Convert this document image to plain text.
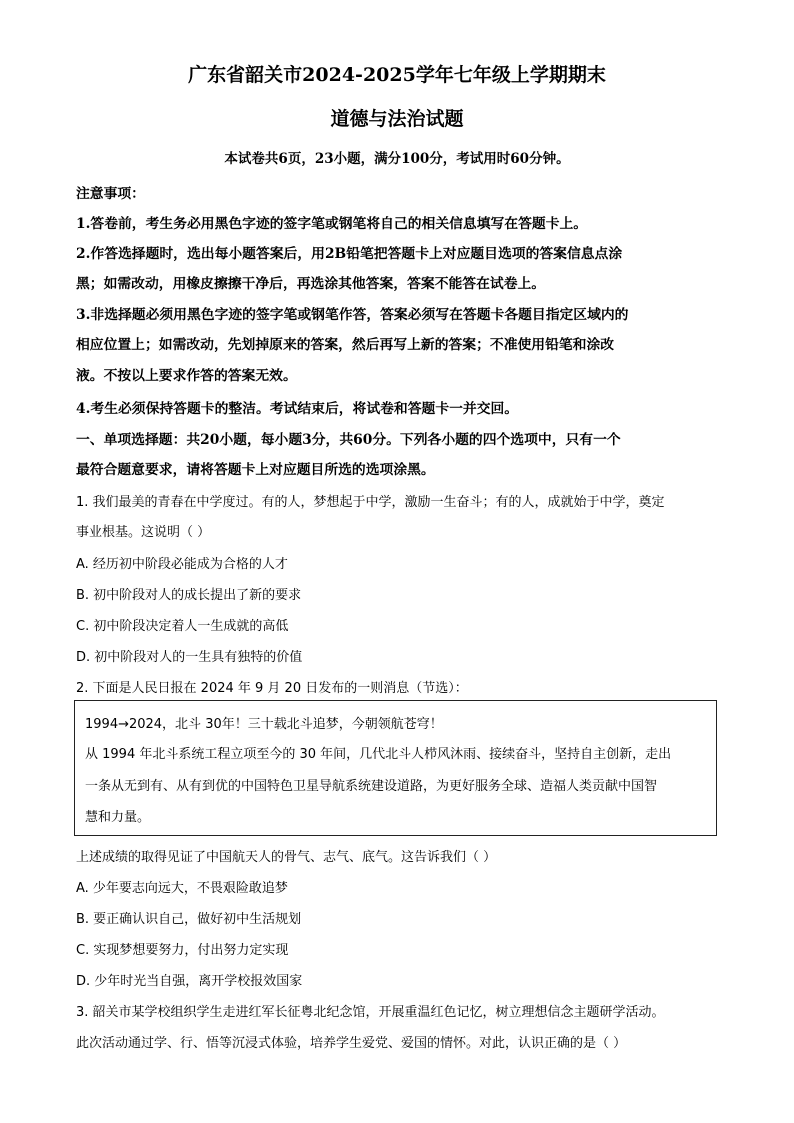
广东省韶关市2024-2025学年七年级上学期期末
道德与法治试题
本试卷共6页，23小题，满分100分，考试用时60分钟。
注意事项：
1.答卷前，考生务必用黑色字迹的签字笔或钢笔将自己的相关信息填写在答题卡上。
2.作答选择题时，选出每小题答案后，用2B铅笔把答题卡上对应题目选项的答案信息点涂
黑；如需改动，用橡皮擦擦干净后，再选涂其他答案，答案不能答在试卷上。
3.非选择题必须用黑色字迹的签字笔或钢笔作答，答案必须写在答题卡各题目指定区域内的
相应位置上；如需改动，先划掉原来的答案，然后再写上新的答案；不准使用铅笔和涂改
液。不按以上要求作答的答案无效。
4.考生必须保持答题卡的整洁。考试结束后，将试卷和答题卡一并交回。
一、单项选择题：共20小题，每小题3分，共60分。下列各小题的四个选项中，只有一个
最符合题意要求，请将答题卡上对应题目所选的选项涂黑。
1. 我们最美的青春在中学度过。有的人，梦想起于中学，激励一生奋斗；有的人，成就始于中学，奠定
事业根基。这说明（ ）
A. 经历初中阶段必能成为合格的人才
B. 初中阶段对人的成长提出了新的要求
C. 初中阶段决定着人一生成就的高低
D. 初中阶段对人的一生具有独特的价值
2. 下面是人民日报在 2024 年 9 月 20 日发布的一则消息（节选）：
1994→2024，北斗 30年！三十载北斗追梦，今朝领航苍穹！
从 1994 年北斗系统工程立项至今的 30 年间，几代北斗人栉风沐雨、接续奋斗，坚持自主创新，走出
一条从无到有、从有到优的中国特色卫星导航系统建设道路，为更好服务全球、造福人类贡献中国智
慧和力量。
上述成绩的取得见证了中国航天人的骨气、志气、底气。这告诉我们（ ）
A. 少年要志向远大，不畏艰险敢追梦
B. 要正确认识自己，做好初中生活规划
C. 实现梦想要努力，付出努力定实现
D. 少年时光当自强，离开学校报效国家
3. 韶关市某学校组织学生走进红军长征粤北纪念馆，开展重温红色记忆，树立理想信念主题研学活动。
此次活动通过学、行、悟等沉浸式体验，培养学生爱党、爱国的情怀。对此，认识正确的是（ ）
